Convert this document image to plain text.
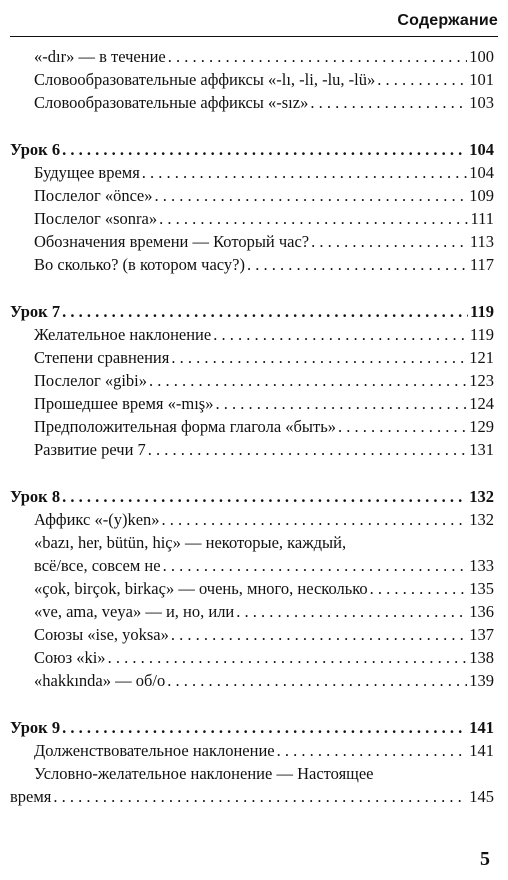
Содержание
«-dır» — в течение . . .	100
Словообразовательные аффиксы «-lı, -li, -lu, -lü» . . .	101
Словообразовательные аффиксы «-sız» . . .	103
Урок 6 . . .	104
Будущее время . . .	104
Послелог «önce» . . .	109
Послелог «sonra» . . .	111
Обозначения времени — Который час? . . .	113
Во сколько? (в котором часу?) . . .	117
Урок 7 . . .	119
Желательное наклонение . . .	119
Степени сравнения . . .	121
Послелог «gibi» . . .	123
Прошедшее время «-mış» . . .	124
Предположительная форма глагола «быть» . . .	129
Развитие речи 7 . . .	131
Урок 8 . . .	132
Аффикс «-(y)ken» . . .	132
«bazı, her, bütün, hiç» — некоторые, каждый,
всё/все, совсем не . . .	133
«çok, birçok, birkaç» — очень, много, несколько . . .	135
«ve, ama, veya» — и, но, или . . .	136
Союзы «ise, yoksa» . . .	137
Союз «ki» . . .	138
«hakkında» — об/о . . .	139
Урок 9 . . .	141
Долженствовательное наклонение . . .	141
Условно-желательное наклонение — Настоящее
время . . .	145
5
